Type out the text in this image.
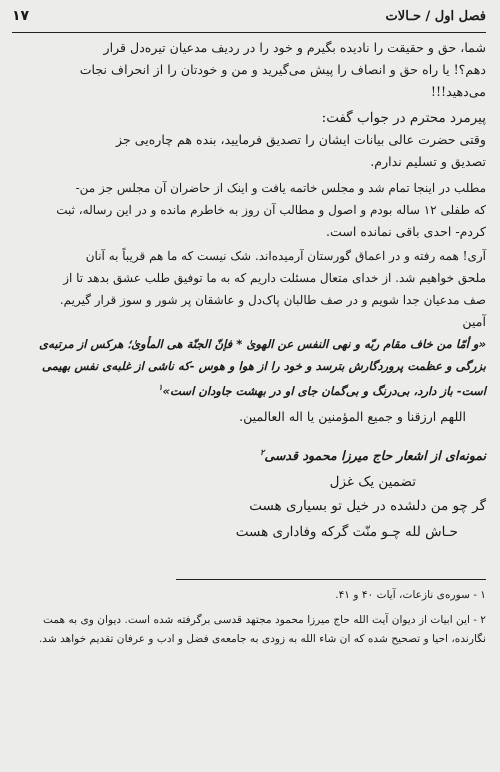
فصل اول / حـالات
۱۷

شما، حق و حقیقت را نادیده بگیرم و خود را در ردیف مدعیان تیره‌دل قرار

دهم؟! یا راه حق و انصاف را پیش می‌گیرید و من و خودتان را از انحراف نجات

می‌دهید!!!

پیرمرد محترم در جواب گفت:

وقتی حضرت عالی بیانات ایشان را تصدیق فرمایید، بنده هم چاره‌یی جز

تصدیق و تسلیم ندارم.

مطلب در اینجا تمام شد و مجلس خاتمه یافت و اینک از حاضران آن مجلس جز من-

که طفلی ۱۲ ساله بودم و اصول و مطالب آن روز به خاطرم مانده و در این رساله، ثبت

کردم- احدی باقی نمانده است.

آری! همه رفته و در اعماق گورستان آرمیده‌اند. شک نیست که ما هم قریباً به آنان

ملحق خواهیم شد. از خدای متعال مسئلت داریم که به ما توفیق طلب عشق بدهد تا از

صف مدعیان جدا شویم و در صف طالبان پاک‌دل و عاشقان پر شور و سوز قرار گیریم.

آمین

«و أمّا من خاف مقام ربّه و نهی النفس عن الهویٰ * فإنّ الجنّة هی المأویٰ؛ هرکس از مرتبه‌ی

بزرگی و عظمت پروردگارش بترسد و خود را از هوا و هوس -که ناشی از غلبه‌ی نفس بهیمی

است- باز دارد، بی‌درنگ و بی‌گمان جای او در بهشت جاودان است»$^۱$

اللهم ارزقنا و جمیع المؤمنین یا اله العالمین.

نمونه‌ای از اشعار حاج میرزا محمود قدسی$^۲$

تضمین یک غزل

گر چو من دلشده در خیل تو بسیاری هست

حـاش لله چـو منّت گرکه وفاداری هست

۱ - سوره‌ی نازعات، آیات ۴۰ و ۴۱.

۲ - این ابیات از دیوان آیت الله حاج میرزا محمود مجتهد قدسی برگرفته شده است. دیوان وی به همت

نگارنده، احیا و تصحیح شده که ان شاء الله به زودی به جامعه‌ی فضل و ادب و عرفان تقدیم خواهد شد.
